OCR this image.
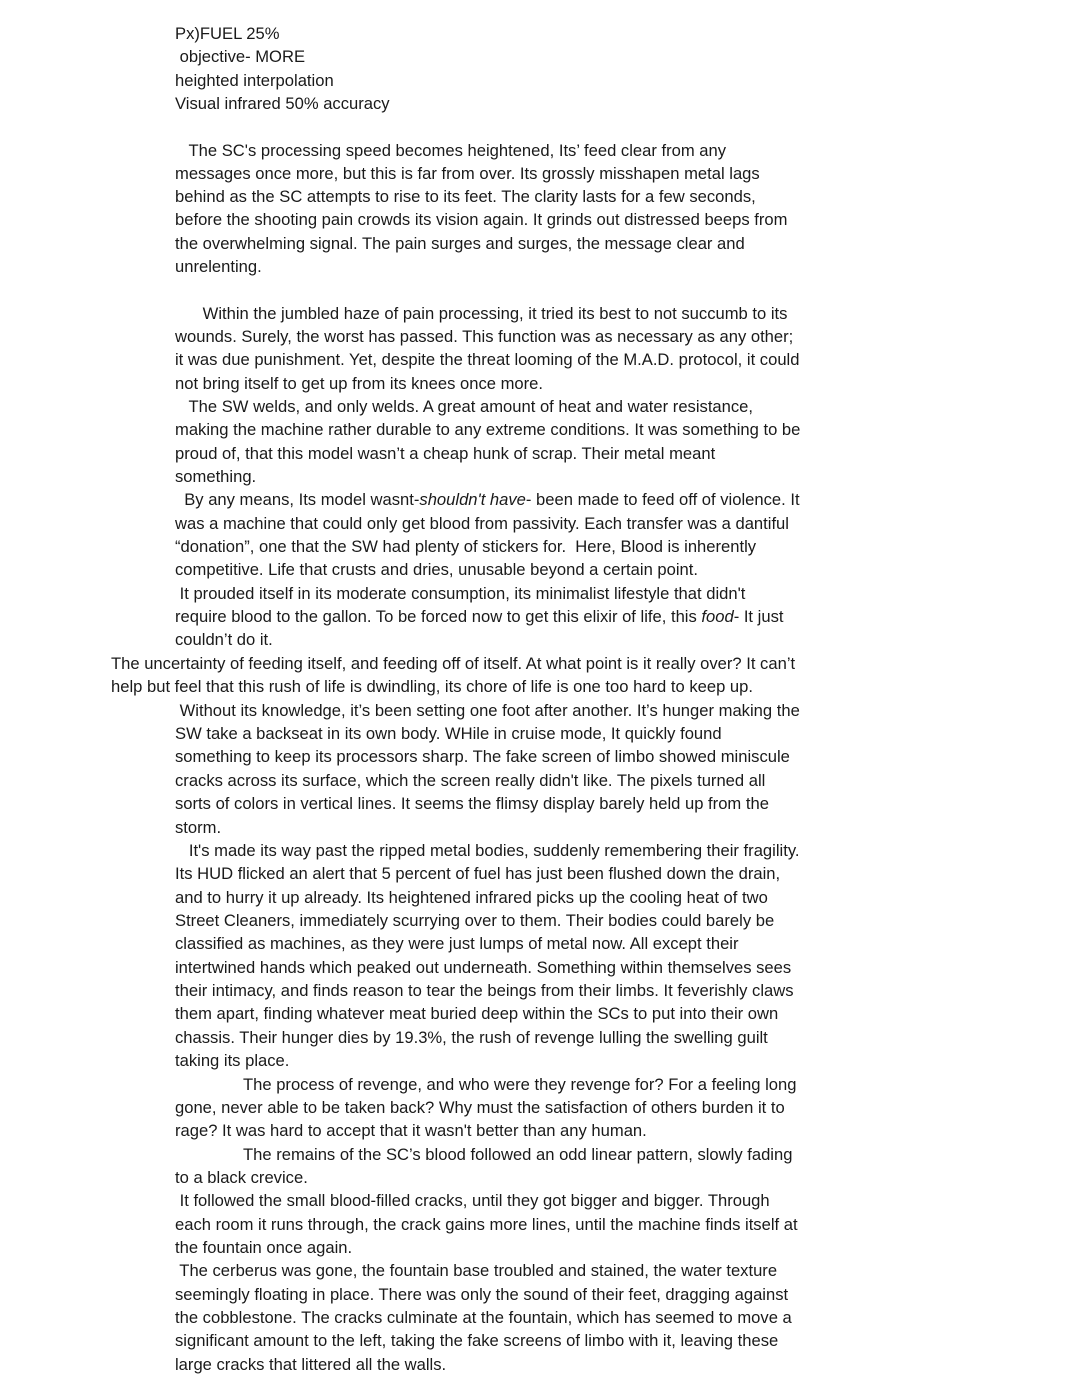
Px)FUEL 25%

objective- MORE

heighted interpolation

Visual infrared 50% accuracy

The SC's processing speed becomes heightened, Its’ feed clear from any

messages once more, but this is far from over. Its grossly misshapen metal lags

behind as the SC attempts to rise to its feet. The clarity lasts for a few seconds,

before the shooting pain crowds its vision again. It grinds out distressed beeps from

the overwhelming signal. The pain surges and surges, the message clear and

unrelenting.

Within the jumbled haze of pain processing, it tried its best to not succumb to its

wounds. Surely, the worst has passed. This function was as necessary as any other;

it was due punishment. Yet, despite the threat looming of the M.A.D. protocol, it could

not bring itself to get up from its knees once more.

The SW welds, and only welds. A great amount of heat and water resistance,

making the machine rather durable to any extreme conditions. It was something to be

proud of, that this model wasn’t a cheap hunk of scrap. Their metal meant

something.

By any means, Its model wasnt-shouldn't have- been made to feed off of violence. It

was a machine that could only get blood from passivity. Each transfer was a dantiful

“donation”, one that the SW had plenty of stickers for.  Here, Blood is inherently

competitive. Life that crusts and dries, unusable beyond a certain point.

It prouded itself in its moderate consumption, its minimalist lifestyle that didn't

require blood to the gallon. To be forced now to get this elixir of life, this food- It just

couldn’t do it.

The uncertainty of feeding itself, and feeding off of itself. At what point is it really over? It can’t

help but feel that this rush of life is dwindling, its chore of life is one too hard to keep up.

Without its knowledge, it’s been setting one foot after another. It’s hunger making the

SW take a backseat in its own body. WHile in cruise mode, It quickly found

something to keep its processors sharp. The fake screen of limbo showed miniscule

cracks across its surface, which the screen really didn't like. The pixels turned all

sorts of colors in vertical lines. It seems the flimsy display barely held up from the

storm.

It's made its way past the ripped metal bodies, suddenly remembering their fragility.

Its HUD flicked an alert that 5 percent of fuel has just been flushed down the drain,

and to hurry it up already. Its heightened infrared picks up the cooling heat of two

Street Cleaners, immediately scurrying over to them. Their bodies could barely be

classified as machines, as they were just lumps of metal now. All except their

intertwined hands which peaked out underneath. Something within themselves sees

their intimacy, and finds reason to tear the beings from their limbs. It feverishly claws

them apart, finding whatever meat buried deep within the SCs to put into their own

chassis. Their hunger dies by 19.3%, the rush of revenge lulling the swelling guilt

taking its place.

The process of revenge, and who were they revenge for? For a feeling long

gone, never able to be taken back? Why must the satisfaction of others burden it to

rage? It was hard to accept that it wasn't better than any human.

The remains of the SC’s blood followed an odd linear pattern, slowly fading

to a black crevice.

It followed the small blood-filled cracks, until they got bigger and bigger. Through

each room it runs through, the crack gains more lines, until the machine finds itself at

the fountain once again.

The cerberus was gone, the fountain base troubled and stained, the water texture

seemingly floating in place. There was only the sound of their feet, dragging against

the cobblestone. The cracks culminate at the fountain, which has seemed to move a

significant amount to the left, taking the fake screens of limbo with it, leaving these

large cracks that littered all the walls.
